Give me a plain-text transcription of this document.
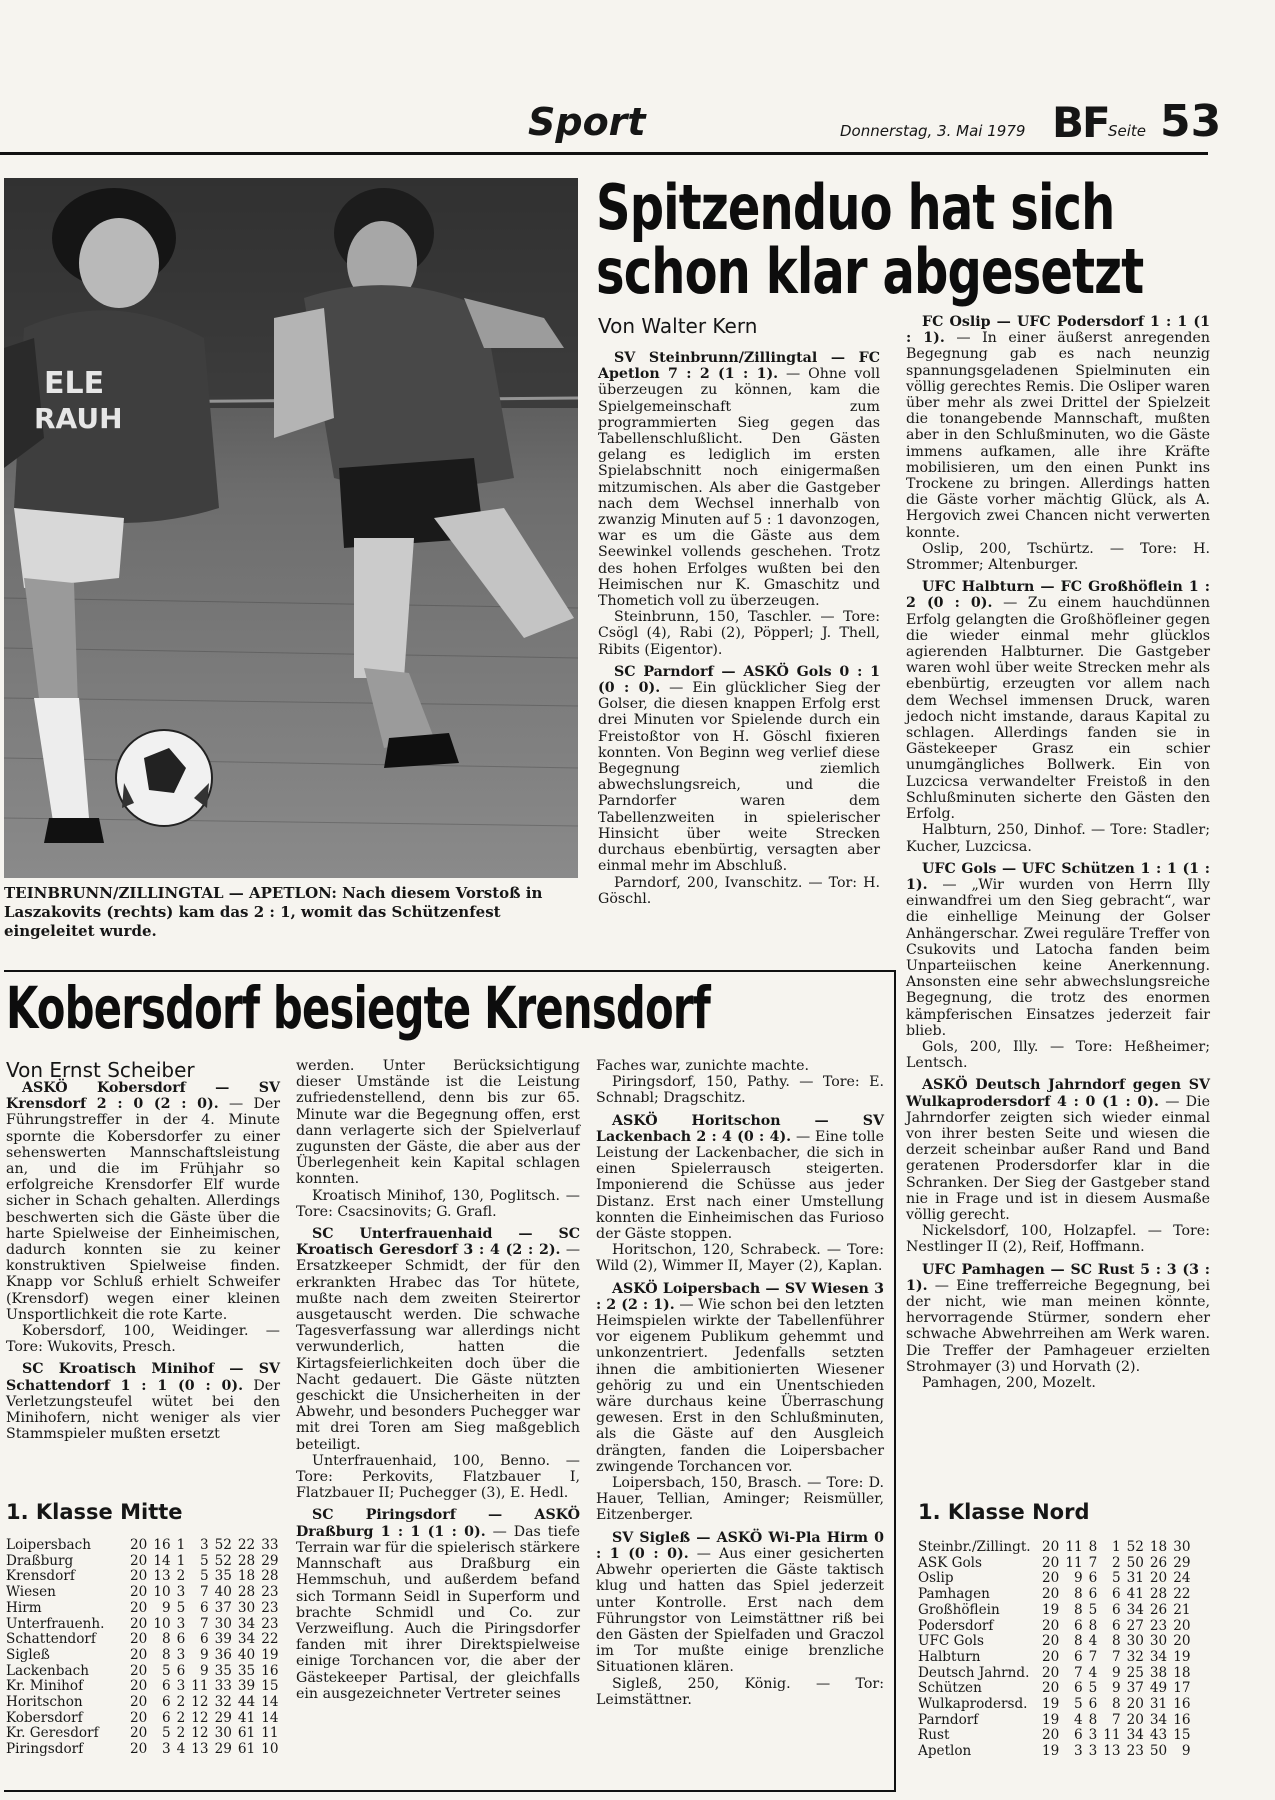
Sport	Donnerstag, 3. Mai 1979 BF Seite 53
ELE
RAUH
TEINBRUNN/ZILLINGTAL — APETLON: Nach diesem Vorstoß in Laszakovits (rechts) kam das 2 : 1, womit das Schützenfest eingeleitet wurde.
Spitzenduo hat sich
schon klar abgesetzt
Von Walter Kern

SV Steinbrunn/Zillingtal — FC Apetlon 7 : 2 (1 : 1). — Ohne voll überzeugen zu können, kam die Spielgemeinschaft zum programmierten Sieg gegen das Tabellenschlußlicht. Den Gästen gelang es lediglich im ersten Spielabschnitt noch einigermaßen mitzumischen. Als aber die Gastgeber nach dem Wechsel innerhalb von zwanzig Minuten auf 5 : 1 davonzogen, war es um die Gäste aus dem Seewinkel vollends geschehen. Trotz des hohen Erfolges wußten bei den Heimischen nur K. Gmaschitz und Thometich voll zu überzeugen.

Steinbrunn, 150, Taschler. — Tore: Csögl (4), Rabi (2), Pöpperl; J. Thell, Ribits (Eigentor).

SC Parndorf — ASKÖ Gols 0 : 1 (0 : 0). — Ein glücklicher Sieg der Golser, die diesen knappen Erfolg erst drei Minuten vor Spielende durch ein Freistoßtor von H. Göschl fixieren konnten. Von Beginn weg verlief diese Begegnung ziemlich abwechslungsreich, und die Parndorfer waren dem Tabellenzweiten in spielerischer Hinsicht über weite Strecken durchaus ebenbürtig, versagten aber einmal mehr im Abschluß.

Parndorf, 200, Ivanschitz. — Tor: H. Göschl.

FC Oslip — UFC Podersdorf 1 : 1 (1 : 1). — In einer äußerst anregenden Begegnung gab es nach neunzig spannungsgeladenen Spielminuten ein völlig gerechtes Remis. Die Osliper waren über mehr als zwei Drittel der Spielzeit die tonangebende Mannschaft, mußten aber in den Schlußminuten, wo die Gäste immens aufkamen, alle ihre Kräfte mobilisieren, um den einen Punkt ins Trockene zu bringen. Allerdings hatten die Gäste vorher mächtig Glück, als A. Hergovich zwei Chancen nicht verwerten konnte.

Oslip, 200, Tschürtz. — Tore: H. Strommer; Altenburger.

UFC Halbturn — FC Großhöflein 1 : 2 (0 : 0). — Zu einem hauchdünnen Erfolg gelangten die Großhöfleiner gegen die wieder einmal mehr glücklos agierenden Halbturner. Die Gastgeber waren wohl über weite Strecken mehr als ebenbürtig, erzeugten vor allem nach dem Wechsel immensen Druck, waren jedoch nicht imstande, daraus Kapital zu schlagen. Allerdings fanden sie in Gästekeeper Grasz ein schier unumgängliches Bollwerk. Ein von Luzcicsa verwandelter Freistoß in den Schlußminuten sicherte den Gästen den Erfolg.

Halbturn, 250, Dinhof. — Tore: Stadler; Kucher, Luzcicsa.

UFC Gols — UFC Schützen 1 : 1 (1 : 1). — „Wir wurden von Herrn Illy einwandfrei um den Sieg gebracht“, war die einhellige Meinung der Golser Anhängerschar. Zwei reguläre Treffer von Csukovits und Latocha fanden beim Unparteiischen keine Anerkennung. Ansonsten eine sehr abwechslungsreiche Begegnung, die trotz des enormen kämpferischen Einsatzes jederzeit fair blieb.

Gols, 200, Illy. — Tore: Heßheimer; Lentsch.

ASKÖ Deutsch Jahrndorf gegen SV Wulkaprodersdorf 4 : 0 (1 : 0). — Die Jahrndorfer zeigten sich wieder einmal von ihrer besten Seite und wiesen die derzeit scheinbar außer Rand und Band geratenen Prodersdorfer klar in die Schranken. Der Sieg der Gastgeber stand nie in Frage und ist in diesem Ausmaße völlig gerecht.

Nickelsdorf, 100, Holzapfel. — Tore: Nestlinger II (2), Reif, Hoffmann.

UFC Pamhagen — SC Rust 5 : 3 (3 : 1). — Eine trefferreiche Begegnung, bei der nicht, wie man meinen könnte, hervorragende Stürmer, sondern eher schwache Abwehrreihen am Werk waren. Die Treffer der Pamhageuer erzielten Strohmayer (3) und Horvath (2).

Pamhagen, 200, Mozelt.

Kobersdorf besiegte Krensdorf
Von Ernst Scheiber

ASKÖ Kobersdorf — SV Krensdorf 2 : 0 (2 : 0). — Der Führungstreffer in der 4. Minute spornte die Kobersdorfer zu einer sehenswerten Mannschaftsleistung an, und die im Frühjahr so erfolgreiche Krensdorfer Elf wurde sicher in Schach gehalten. Allerdings beschwerten sich die Gäste über die harte Spielweise der Einheimischen, dadurch konnten sie zu keiner konstruktiven Spielweise finden. Knapp vor Schluß erhielt Schweifer (Krensdorf) wegen einer kleinen Unsportlichkeit die rote Karte.

Kobersdorf, 100, Weidinger. — Tore: Wukovits, Presch.

SC Kroatisch Minihof — SV Schattendorf 1 : 1 (0 : 0). Der Verletzungsteufel wütet bei den Minihofern, nicht weniger als vier Stammspieler mußten ersetzt

werden. Unter Berücksichtigung dieser Umstände ist die Leistung zufriedenstellend, denn bis zur 65. Minute war die Begegnung offen, erst dann verlagerte sich der Spielverlauf zugunsten der Gäste, die aber aus der Überlegenheit kein Kapital schlagen konnten.

Kroatisch Minihof, 130, Poglitsch. — Tore: Csacsinovits; G. Grafl.

SC Unterfrauenhaid — SC Kroatisch Geresdorf 3 : 4 (2 : 2). — Ersatzkeeper Schmidt, der für den erkrankten Hrabec das Tor hütete, mußte nach dem zweiten Steirertor ausgetauscht werden. Die schwache Tagesverfassung war allerdings nicht verwunderlich, hatten die Kirtagsfeierlichkeiten doch über die Nacht gedauert. Die Gäste nützten geschickt die Unsicherheiten in der Abwehr, und besonders Puchegger war mit drei Toren am Sieg maßgeblich beteiligt.

Unterfrauenhaid, 100, Benno. — Tore: Perkovits, Flatzbauer I, Flatzbauer II; Puchegger (3), E. Hedl.

SC Piringsdorf — ASKÖ Draßburg 1 : 1 (1 : 0). — Das tiefe Terrain war für die spielerisch stärkere Mannschaft aus Draßburg ein Hemmschuh, und außerdem befand sich Tormann Seidl in Superform und brachte Schmidl und Co. zur Verzweiflung. Auch die Piringsdorfer fanden mit ihrer Direktspielweise einige Torchancen vor, die aber der Gästekeeper Partisal, der gleichfalls ein ausgezeichneter Vertreter seines

Faches war, zunichte machte.

Piringsdorf, 150, Pathy. — Tore: E. Schnabl; Dragschitz.

ASKÖ Horitschon — SV Lackenbach 2 : 4 (0 : 4). — Eine tolle Leistung der Lackenbacher, die sich in einen Spielerrausch steigerten. Imponierend die Schüsse aus jeder Distanz. Erst nach einer Umstellung konnten die Einheimischen das Furioso der Gäste stoppen.

Horitschon, 120, Schrabeck. — Tore: Wild (2), Wimmer II, Mayer (2), Kaplan.

ASKÖ Loipersbach — SV Wiesen 3 : 2 (2 : 1). — Wie schon bei den letzten Heimspielen wirkte der Tabellenführer vor eigenem Publikum gehemmt und unkonzentriert. Jedenfalls setzten ihnen die ambitionierten Wiesener gehörig zu und ein Unentschieden wäre durchaus keine Überraschung gewesen. Erst in den Schlußminuten, als die Gäste auf den Ausgleich drängten, fanden die Loipersbacher zwingende Torchancen vor.

Loipersbach, 150, Brasch. — Tore: D. Hauer, Tellian, Aminger; Reismüller, Eitzenberger.

SV Sigleß — ASKÖ Wi-Pla Hirm 0 : 1 (0 : 0). — Aus einer gesicherten Abwehr operierten die Gäste taktisch klug und hatten das Spiel jederzeit unter Kontrolle. Erst nach dem Führungstor von Leimstättner riß bei den Gästen der Spielfaden und Graczol im Tor mußte einige brenzliche Situationen klären.

Sigleß, 250, König. — Tor: Leimstättner.

1. Klasse Mitte
Loipersbach	20	16	1	3	52	22	33
Draßburg	20	14	1	5	52	28	29
Krensdorf	20	13	2	5	35	18	28
Wiesen	20	10	3	7	40	28	23
Hirm	20	9	5	6	37	30	23
Unterfrauenh.	20	10	3	7	30	34	23
Schattendorf	20	8	6	6	39	34	22
Sigleß	20	8	3	9	36	40	19
Lackenbach	20	5	6	9	35	35	16
Kr. Minihof	20	6	3	11	33	39	15
Horitschon	20	6	2	12	32	44	14
Kobersdorf	20	6	2	12	29	41	14
Kr. Geresdorf	20	5	2	12	30	61	11
Piringsdorf	20	3	4	13	29	61	10
1. Klasse Nord
Steinbr./Zillingt.	20	11	8	1	52	18	30
ASK Gols	20	11	7	2	50	26	29
Oslip	20	9	6	5	31	20	24
Pamhagen	20	8	6	6	41	28	22
Großhöflein	19	8	5	6	34	26	21
Podersdorf	20	6	8	6	27	23	20
UFC Gols	20	8	4	8	30	30	20
Halbturn	20	6	7	7	32	34	19
Deutsch Jahrnd.	20	7	4	9	25	38	18
Schützen	20	6	5	9	37	49	17
Wulkaprodersd.	19	5	6	8	20	31	16
Parndorf	19	4	8	7	20	34	16
Rust	20	6	3	11	34	43	15
Apetlon	19	3	3	13	23	50	9
